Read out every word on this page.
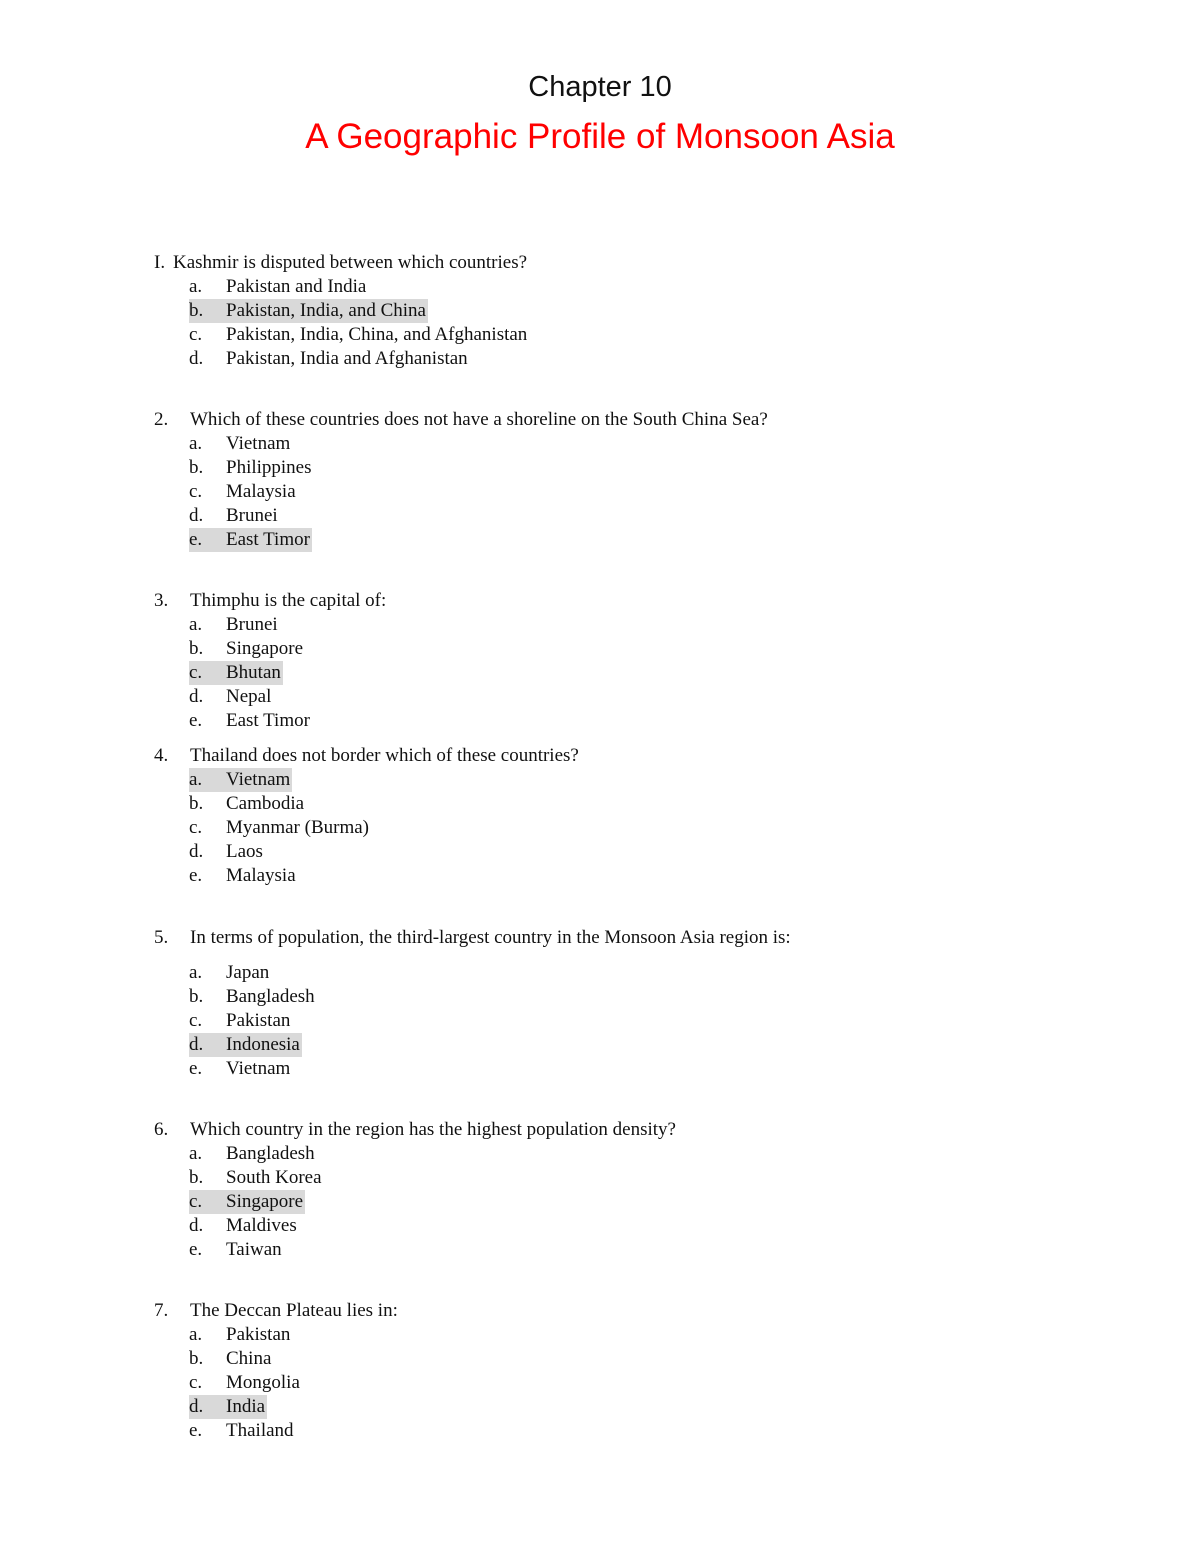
Chapter 10
A Geographic Profile of Monsoon Asia
I. Kashmir is disputed between which countries?
a. Pakistan and India
b. Pakistan, India, and China
c. Pakistan, India, China, and Afghanistan
d. Pakistan, India and Afghanistan
2. Which of these countries does not have a shoreline on the South China Sea?
a. Vietnam
b. Philippines
c. Malaysia
d. Brunei
e. East Timor
3. Thimphu is the capital of:
a. Brunei
b. Singapore
c. Bhutan
d. Nepal
e. East Timor
4. Thailand does not border which of these countries?
a. Vietnam
b. Cambodia
c. Myanmar (Burma)
d. Laos
e. Malaysia
5. In terms of population, the third-largest country in the Monsoon Asia region is:
a. Japan
b. Bangladesh
c. Pakistan
d. Indonesia
e. Vietnam
6. Which country in the region has the highest population density?
a. Bangladesh
b. South Korea
c. Singapore
d. Maldives
e. Taiwan
7. The Deccan Plateau lies in:
a. Pakistan
b. China
c. Mongolia
d. India
e. Thailand
